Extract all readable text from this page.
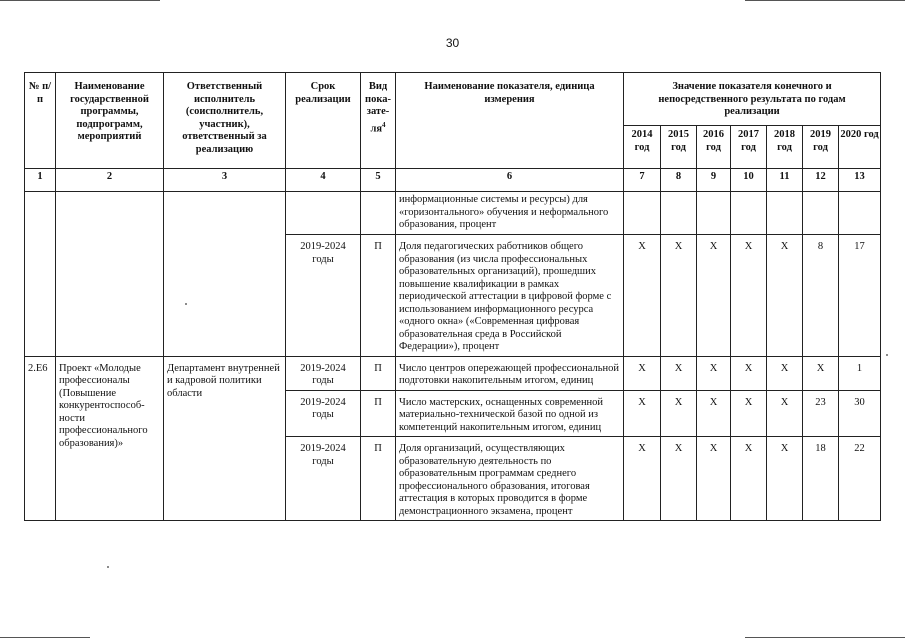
30
№ п/п	Наименование государственной программы, подпрограмм, мероприятий	Ответственный исполнитель (соисполнитель, участник), ответственный за реализацию	Срок реализации	Вид пока-$зате-ля^4$	Наименование показателя, единица измерения	Значение показателя конечного и непосредственного результата по годам реализации						
						2014 год	2015 год	2016 год	2017 год	2018 год	2019 год	2020 год
1	2	3	4	5	6	7	8	9	10	11	12	13
					информационные системы и ресурсы) для «горизонтального» обучения и неформального образования, процент							
			2019-2024 годы	П	Доля педагогических работников общего образования (из числа профессиональных образовательных организаций), прошедших повышение квалификации в рамках периодической аттестации в цифровой форме с использованием информационного ресурса «одного окна» («Современная цифровая образовательная среда в Российской Федерации»), процент	Х	Х	Х	Х	Х	8	17
2.Е6	Проект «Молодые профессионалы (Повышение конкурентоспособ-ности профессионального образования)»	Департамент внутренней и кадровой политики области	2019-2024 годы	П	Число центров опережающей профессиональной подготовки накопительным итогом, единиц	Х	Х	Х	Х	Х	Х	1
			2019-2024 годы	П	Число мастерских, оснащенных современной материально-технической базой по одной из компетенций накопительным итогом, единиц	Х	Х	Х	Х	Х	23	30
			2019-2024 годы	П	Доля организаций, осуществляющих образовательную деятельность по образовательным программам среднего профессионального образования, итоговая аттестация в которых проводится в форме демонстрационного экзамена, процент	Х	Х	Х	Х	Х	18	22
